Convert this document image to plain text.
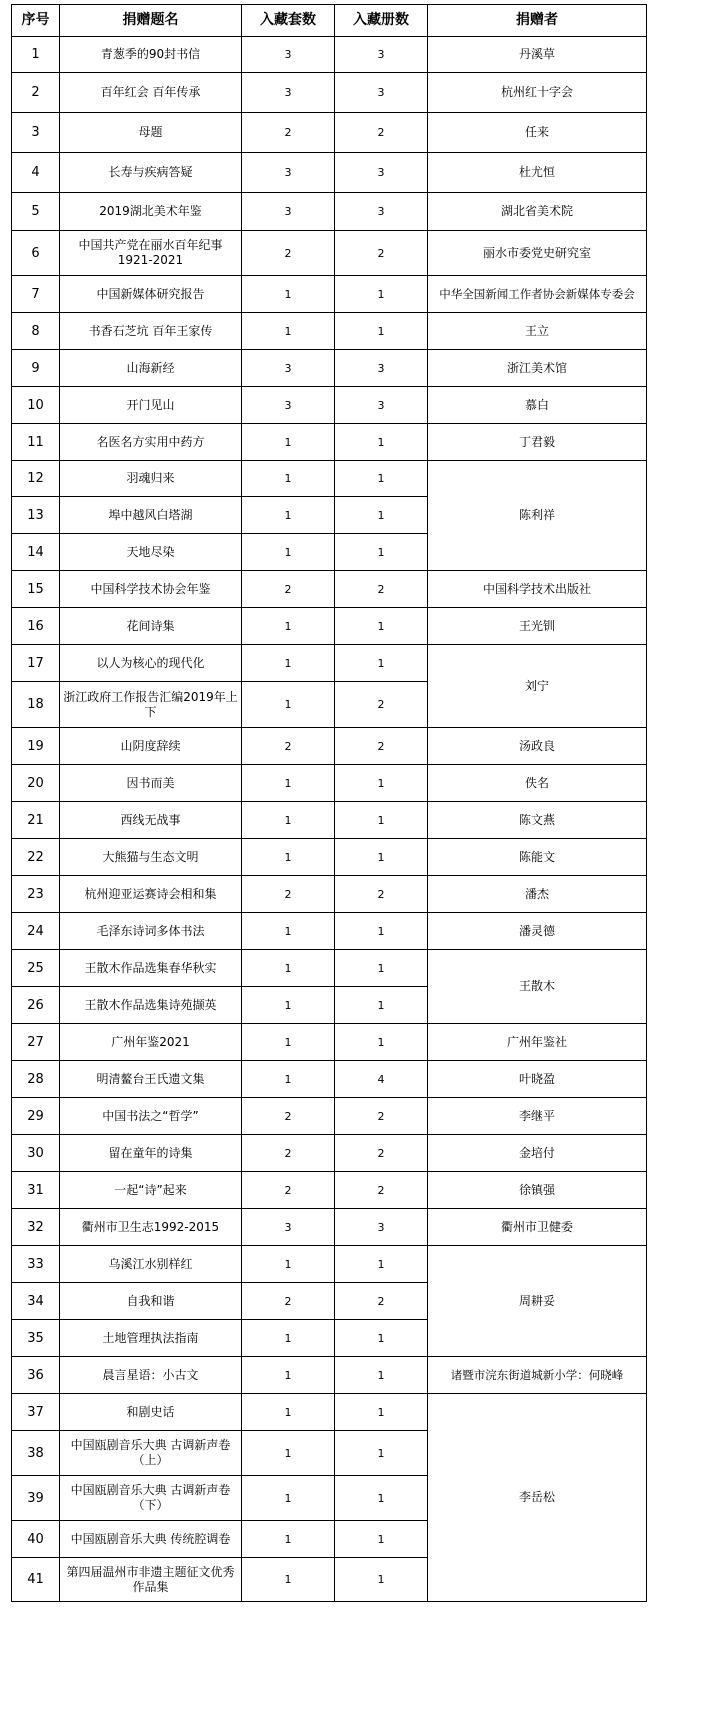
序号	捐赠题名	入藏套数	入藏册数	捐赠者
1	青葱季的90封书信	3	3	丹溪草
2	百年红会 百年传承	3	3	杭州红十字会
3	母题	2	2	任来
4	长寿与疾病答疑	3	3	杜尤恒
5	2019湖北美术年鉴	3	3	湖北省美术院
6	中国共产党在丽水百年纪事 1921-2021	2	2	丽水市委党史研究室
7	中国新媒体研究报告	1	1	中华全国新闻工作者协会新媒体专委会
8	书香石芝坑 百年王家传	1	1	王立
9	山海新经	3	3	浙江美术馆
10	开门见山	3	3	慕白
11	名医名方实用中药方	1	1	丁君毅
12	羽魂归来	1	1	陈利祥
13	埠中越风白塔湖	1	1	
14	天地尽染	1	1	
15	中国科学技术协会年鉴	2	2	中国科学技术出版社
16	花间诗集	1	1	王光钏
17	以人为核心的现代化	1	1	刘宁
18	浙江政府工作报告汇编2019年上下	1	2	
19	山阴度辞续	2	2	汤政良
20	因书而美	1	1	佚名
21	西线无战事	1	1	陈文燕
22	大熊猫与生态文明	1	1	陈能文
23	杭州迎亚运赛诗会相和集	2	2	潘杰
24	毛泽东诗词多体书法	1	1	潘灵德
25	王散木作品选集春华秋实	1	1	王散木
26	王散木作品选集诗苑撷英	1	1	
27	广州年鉴2021	1	1	广州年鉴社
28	明清鳌台王氏遗文集	1	4	叶晓盈
29	中国书法之“哲学”	2	2	李继平
30	留在童年的诗集	2	2	金培付
31	一起“诗”起来	2	2	徐镇强
32	衢州市卫生志1992-2015	3	3	衢州市卫健委
33	乌溪江水别样红	1	1	周耕妥
34	自我和谐	2	2	
35	土地管理执法指南	1	1	
36	晨言星语：小古文	1	1	诸暨市浣东街道城新小学：何晓峰
37	和剧史话	1	1	李岳松
38	中国瓯剧音乐大典 古调新声卷（上）	1	1	
39	中国瓯剧音乐大典 古调新声卷（下）	1	1	
40	中国瓯剧音乐大典 传统腔调卷	1	1	
41	第四届温州市非遗主题征文优秀作品集	1	1	
